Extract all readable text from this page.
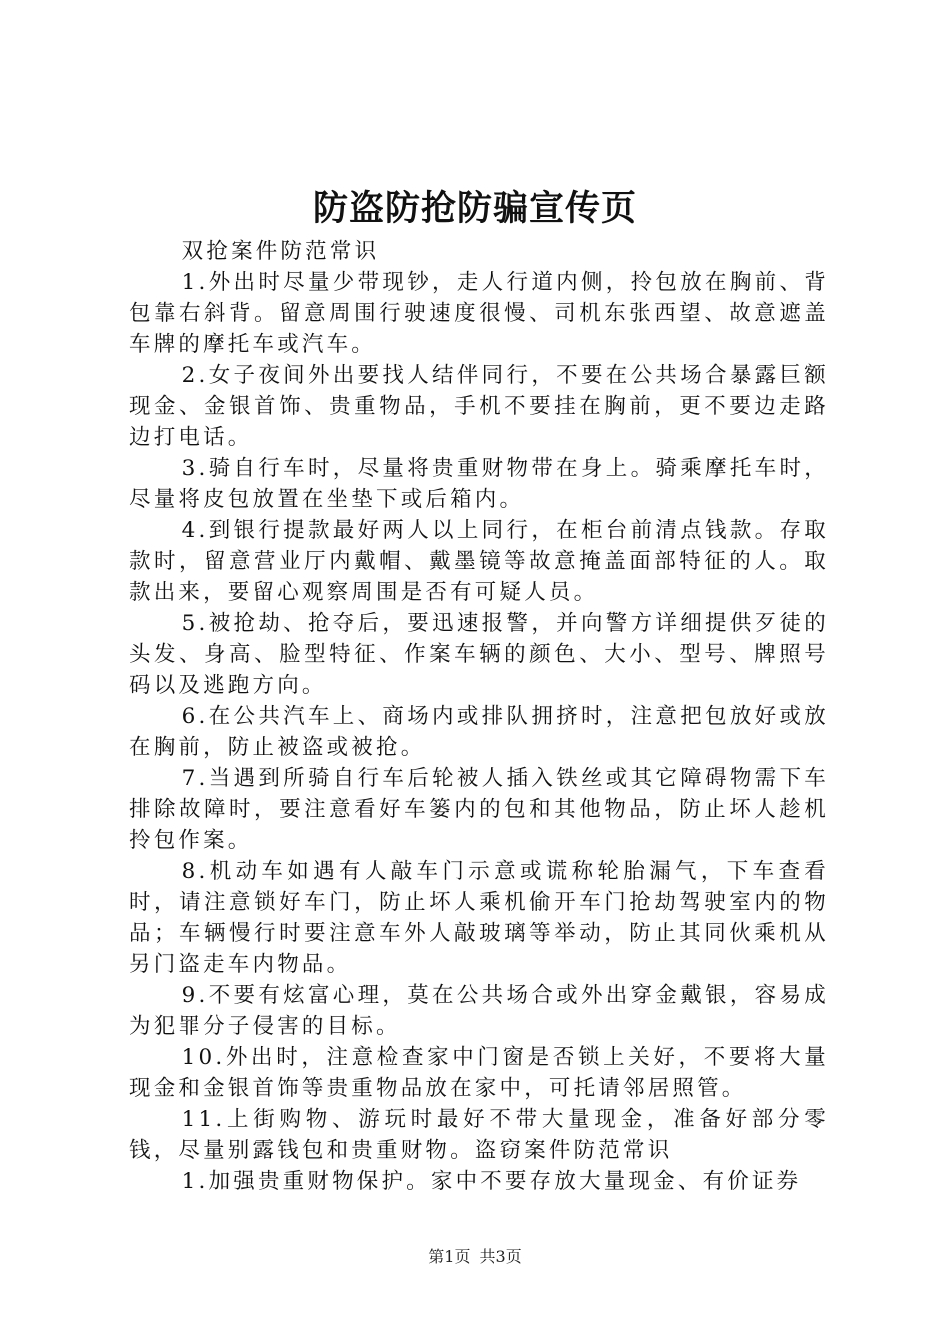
防盗防抢防骗宣传页

双抢案件防范常识

1.外出时尽量少带现钞，走人行道内侧，拎包放在胸前、背包靠右斜背。留意周围行驶速度很慢、司机东张西望、故意遮盖车牌的摩托车或汽车。

2.女子夜间外出要找人结伴同行，不要在公共场合暴露巨额现金、金银首饰、贵重物品，手机不要挂在胸前，更不要边走路边打电话。

3.骑自行车时，尽量将贵重财物带在身上。骑乘摩托车时，尽量将皮包放置在坐垫下或后箱内。

4.到银行提款最好两人以上同行，在柜台前清点钱款。存取款时，留意营业厅内戴帽、戴墨镜等故意掩盖面部特征的人。取款出来，要留心观察周围是否有可疑人员。

5.被抢劫、抢夺后，要迅速报警，并向警方详细提供歹徒的头发、身高、脸型特征、作案车辆的颜色、大小、型号、牌照号码以及逃跑方向。

6.在公共汽车上、商场内或排队拥挤时，注意把包放好或放在胸前，防止被盗或被抢。

7.当遇到所骑自行车后轮被人插入铁丝或其它障碍物需下车排除故障时，要注意看好车篓内的包和其他物品，防止坏人趁机拎包作案。

8.机动车如遇有人敲车门示意或谎称轮胎漏气，下车查看时，请注意锁好车门，防止坏人乘机偷开车门抢劫驾驶室内的物品；车辆慢行时要注意车外人敲玻璃等举动，防止其同伙乘机从另门盗走车内物品。

9.不要有炫富心理，莫在公共场合或外出穿金戴银，容易成为犯罪分子侵害的目标。

10.外出时，注意检查家中门窗是否锁上关好，不要将大量现金和金银首饰等贵重物品放在家中，可托请邻居照管。

11.上街购物、游玩时最好不带大量现金，准备好部分零钱，尽量别露钱包和贵重财物。盗窃案件防范常识

1.加强贵重财物保护。家中不要存放大量现金、有价证券

第1页 共3页
